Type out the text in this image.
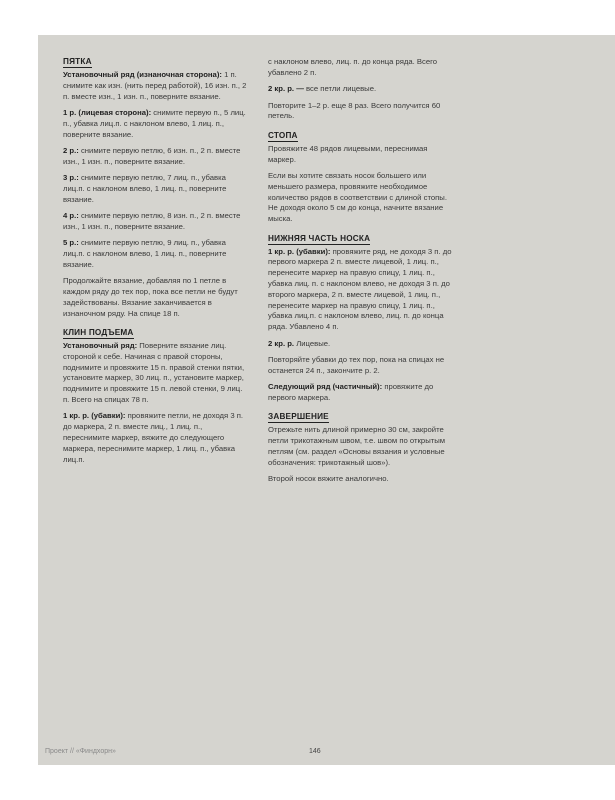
ПЯТКА
Установочный ряд (изнаночная сторона): 1 п. снимите как изн. (нить перед работой), 16 изн. п., 2 п. вместе изн., 1 изн. п., поверните вязание.
1 р. (лицевая сторона): снимите первую п., 5 лиц. п., убавка лиц.п. с наклоном влево, 1 лиц. п., поверните вязание.
2 р.: снимите первую петлю, 6 изн. п., 2 п. вместе изн., 1 изн. п., поверните вязание.
3 р.: снимите первую петлю, 7 лиц. п., убавка лиц.п. с наклоном влево, 1 лиц. п., поверните вязание.
4 р.: снимите первую петлю, 8 изн. п., 2 п. вместе изн., 1 изн. п., поверните вязание.
5 р.: снимите первую петлю, 9 лиц. п., убавка лиц.п. с наклоном влево, 1 лиц. п., поверните вязание.
Продолжайте вязание, добавляя по 1 петле в каждом ряду до тех пор, пока все петли не будут задействованы. Вязание заканчивается в изнаночном ряду. На спице 18 п.
КЛИН ПОДЪЕМА
Установочный ряд: Поверните вязание лиц. стороной к себе. Начиная с правой стороны, поднимите и провяжите 15 п. правой стенки пятки, установите маркер, 30 лиц. п., установите маркер, поднимите и провяжите 15 п. левой стенки, 9 лиц. п. Всего на спицах 78 п.
1 кр. р. (убавки): провяжите петли, не доходя 3 п. до маркера, 2 п. вместе лиц., 1 лиц. п., переснимите маркер, вяжите до следующего маркера, переснимите маркер, 1 лиц. п., убавка лиц.п.
с наклоном влево, лиц. п. до конца ряда. Всего убавлено 2 п.
2 кр. р. — все петли лицевые.
Повторите 1–2 р. еще 8 раз. Всего получится 60 петель.
СТОПА
Провяжите 48 рядов лицевыми, переснимая маркер.
Если вы хотите связать носок большего или меньшего размера, провяжите необходимое количество рядов в соответствии с длиной стопы. Не доходя около 5 см до конца, начните вязание мыска.
НИЖНЯЯ ЧАСТЬ НОСКА
1 кр. р. (убавки): провяжите ряд, не доходя 3 п. до первого маркера 2 п. вместе лицевой, 1 лиц. п., перенесите маркер на правую спицу, 1 лиц. п., убавка лиц. п. с наклоном влево, не доходя 3 п. до второго маркера, 2 п. вместе лицевой, 1 лиц. п., перенесите маркер на правую спицу, 1 лиц. п., убавка лиц.п. с наклоном влево, лиц. п. до конца ряда. Убавлено 4 п.
2 кр. р. Лицевые.
Повторяйте убавки до тех пор, пока на спицах не останется 24 п., закончите р. 2.
Следующий ряд (частичный): провяжите до первого маркера.
ЗАВЕРШЕНИЕ
Отрежьте нить длиной примерно 30 см, закройте петли трикотажным швом, т.е. швом по открытым петлям (см. раздел «Основы вязания и условные обозначения: трикотажный шов»).
Второй носок вяжите аналогично.
Проект // «Финдхорн»	146
PassionForum.ru
